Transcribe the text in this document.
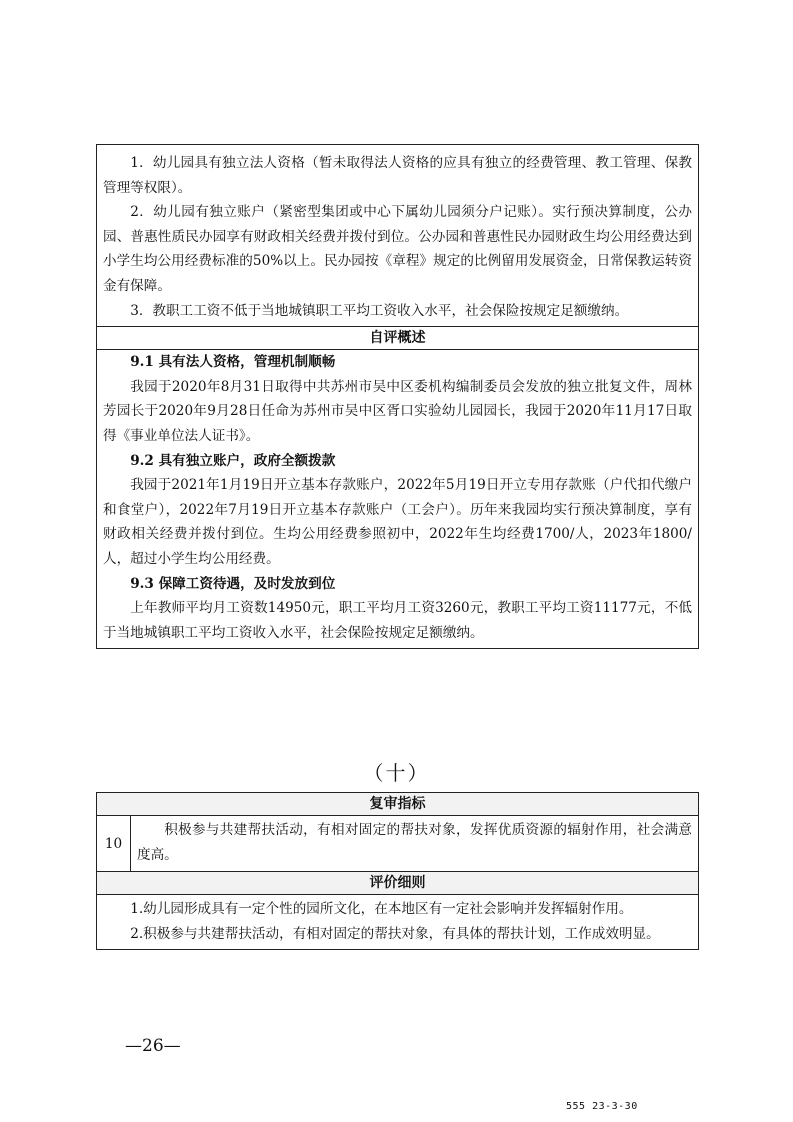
1．幼儿园具有独立法人资格（暂未取得法人资格的应具有独立的经费管理、教工管理、保教管理等权限）。

2．幼儿园有独立账户（紧密型集团或中心下属幼儿园须分户记账）。实行预决算制度，公办园、普惠性质民办园享有财政相关经费并拨付到位。公办园和普惠性民办园财政生均公用经费达到小学生均公用经费标准的50%以上。民办园按《章程》规定的比例留用发展资金，日常保教运转资金有保障。

3．教职工工资不低于当地城镇职工平均工资收入水平，社会保险按规定足额缴纳。

自评概述

9.1 具有法人资格，管理机制顺畅

我园于2020年8月31日取得中共苏州市吴中区委机构编制委员会发放的独立批复文件，周林芳园长于2020年9月28日任命为苏州市吴中区胥口实验幼儿园园长，我园于2020年11月17日取得《事业单位法人证书》。

9.2 具有独立账户，政府全额拨款

我园于2021年1月19日开立基本存款账户，2022年5月19日开立专用存款账（户代扣代缴户和食堂户），2022年7月19日开立基本存款账户（工会户）。历年来我园均实行预决算制度，享有财政相关经费并拨付到位。生均公用经费参照初中，2022年生均经费1700/人，2023年1800/人，超过小学生均公用经费。

9.3 保障工资待遇，及时发放到位

上年教师平均月工资数14950元，职工平均月工资3260元，教职工平均工资11177元，不低于当地城镇职工平均工资收入水平，社会保险按规定足额缴纳。

（十）
复审指标
10

积极参与共建帮扶活动，有相对固定的帮扶对象，发挥优质资源的辐射作用，社会满意度高。

评价细则

1.幼儿园形成具有一定个性的园所文化，在本地区有一定社会影响并发挥辐射作用。

2.积极参与共建帮扶活动，有相对固定的帮扶对象，有具体的帮扶计划，工作成效明显。

—26—
555 23-3-30
